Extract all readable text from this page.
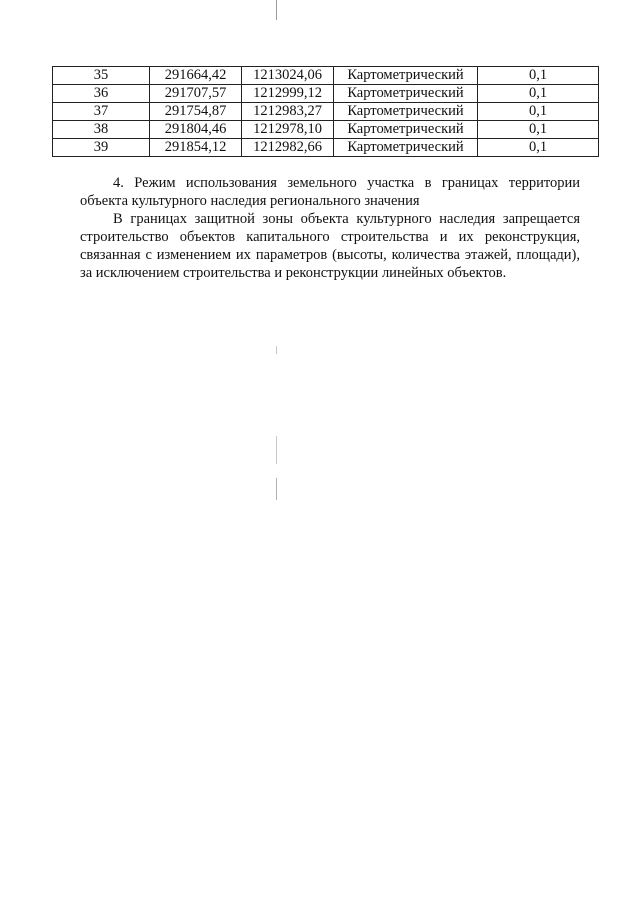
35	291664,42	1213024,06	Картометрический	0,1
36	291707,57	1212999,12	Картометрический	0,1
37	291754,87	1212983,27	Картометрический	0,1
38	291804,46	1212978,10	Картометрический	0,1
39	291854,12	1212982,66	Картометрический	0,1

4. Режим использования земельного участка в границах территории объекта культурного наследия регионального значения

В границах защитной зоны объекта культурного наследия запрещается строительство объектов капитального строительства и их реконструкция, связанная с изменением их параметров (высоты, количества этажей, площади), за исключением строительства и реконструкции линейных объектов.
